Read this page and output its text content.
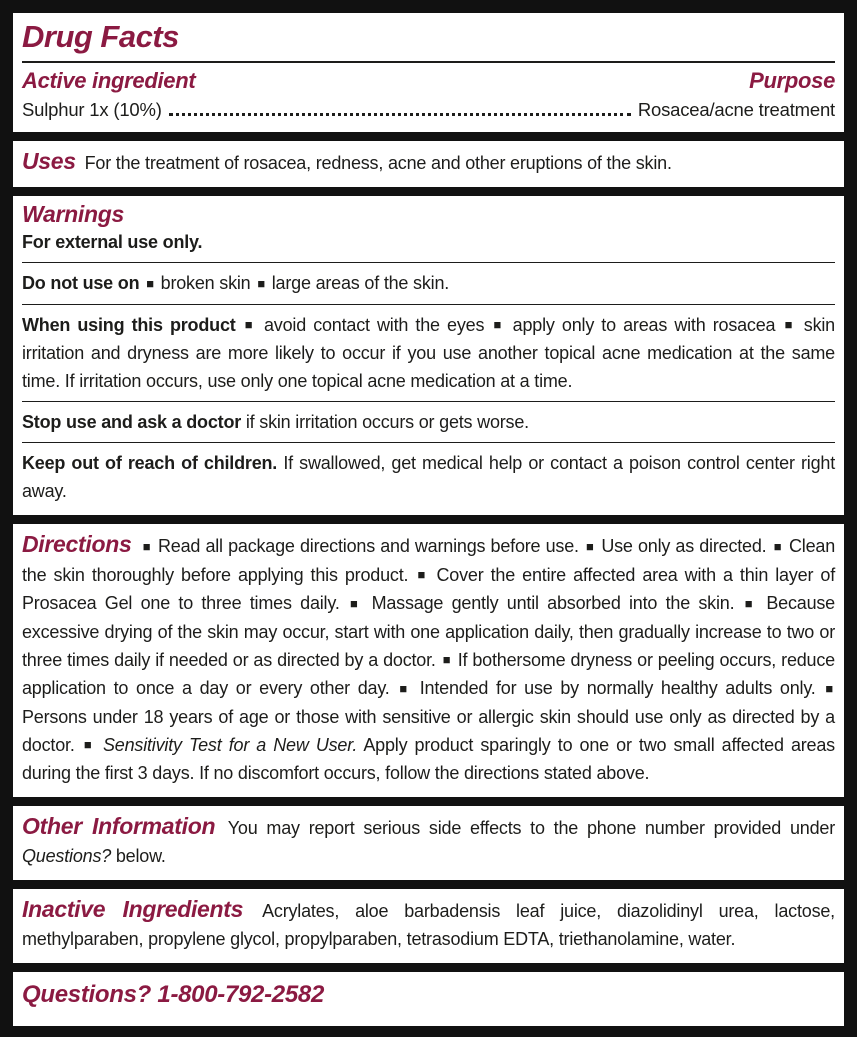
Drug Facts
Active ingredient	Purpose
Sulphur 1x (10%)	Rosacea/acne treatment

Uses For the treatment of rosacea, redness, acne and other eruptions of the skin.

Warnings

For external use only.

Do not use on ■ broken skin ■ large areas of the skin.

When using this product ■ avoid contact with the eyes ■ apply only to areas with rosacea ■ skin irritation and dryness are more likely to occur if you use another topical acne medication at the same time. If irritation occurs, use only one topical acne medication at a time.

Stop use and ask a doctor if skin irritation occurs or gets worse.

Keep out of reach of children. If swallowed, get medical help or contact a poison control center right away.

Directions ■ Read all package directions and warnings before use. ■ Use only as directed. ■ Clean the skin thoroughly before applying this product. ■ Cover the entire affected area with a thin layer of Prosacea Gel one to three times daily. ■ Massage gently until absorbed into the skin. ■ Because excessive drying of the skin may occur, start with one application daily, then gradually increase to two or three times daily if needed or as directed by a doctor. ■ If bothersome dryness or peeling occurs, reduce application to once a day or every other day. ■ Intended for use by normally healthy adults only. ■ Persons under 18 years of age or those with sensitive or allergic skin should use only as directed by a doctor. ■ Sensitivity Test for a New User. Apply product sparingly to one or two small affected areas during the first 3 days. If no discomfort occurs, follow the directions stated above.

Other Information You may report serious side effects to the phone number provided under Questions? below.

Inactive Ingredients Acrylates, aloe barbadensis leaf juice, diazolidinyl urea, lactose, methylparaben, propylene glycol, propylparaben, tetrasodium EDTA, triethanolamine, water.

Questions? 1-800-792-2582
